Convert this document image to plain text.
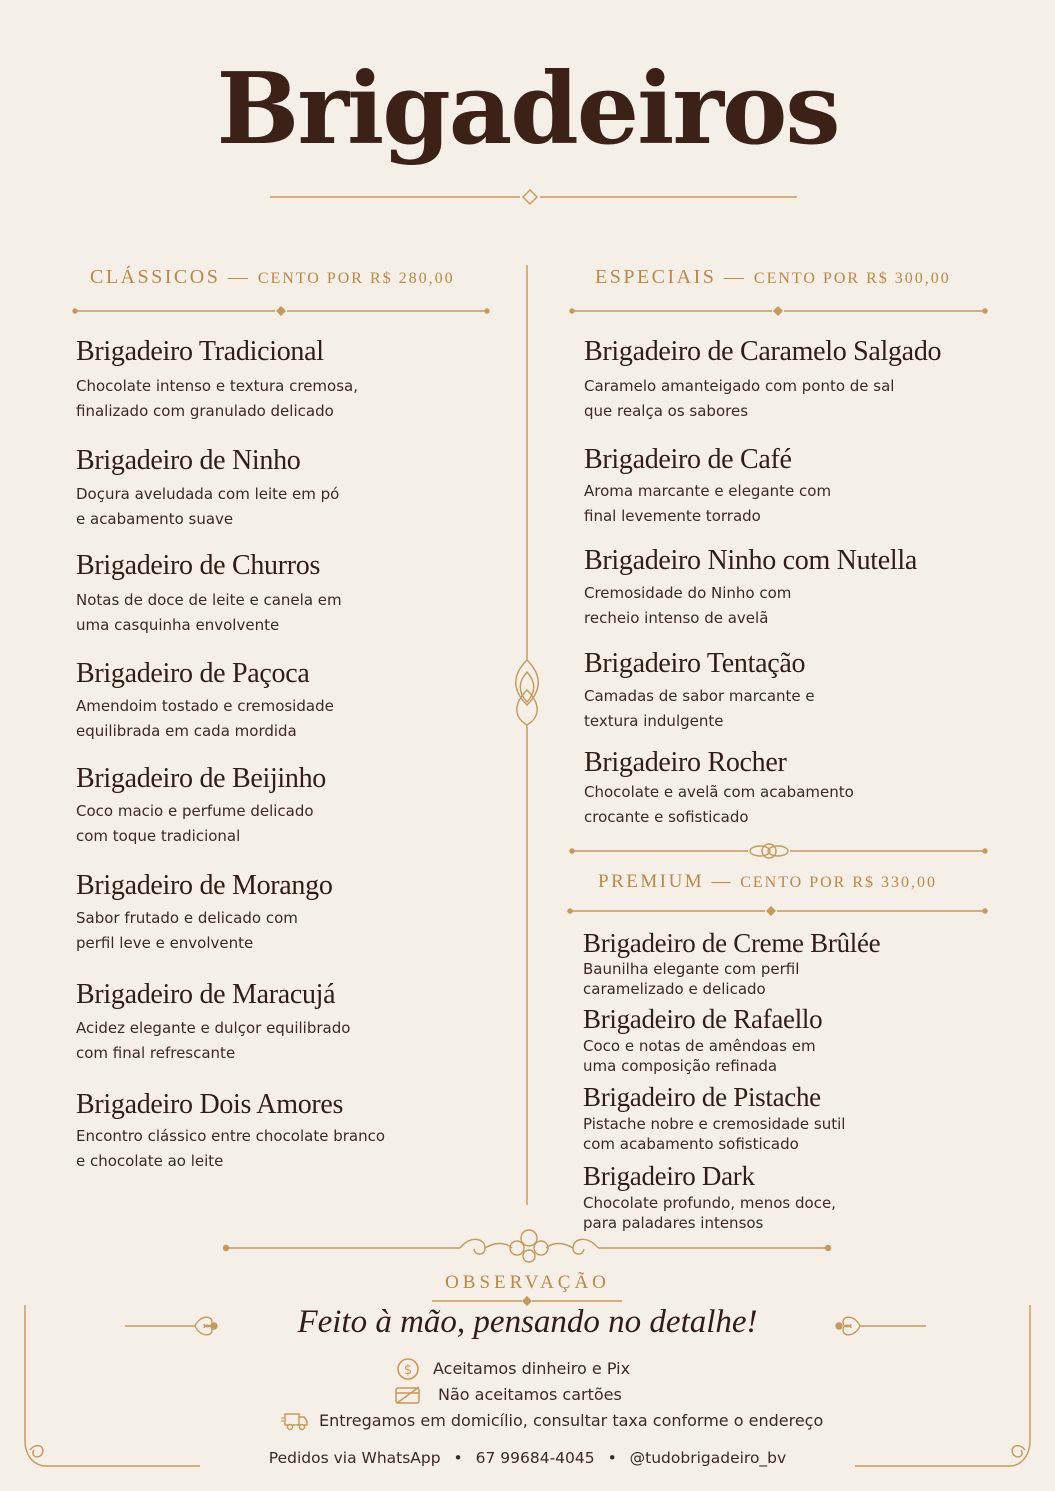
Brigadeiros
CLÁSSICOS — CENTO POR R$ 280,00	ESPECIAIS — CENTO POR R$ 300,00
Brigadeiro Tradicional
Chocolate intenso e textura cremosa,
finalizado com granulado delicado
Brigadeiro de Ninho
Doçura aveludada com leite em pó
e acabamento suave
Brigadeiro de Churros
Notas de doce de leite e canela em
uma casquinha envolvente
Brigadeiro de Paçoca
Amendoim tostado e cremosidade
equilibrada em cada mordida
Brigadeiro de Beijinho
Coco macio e perfume delicado
com toque tradicional
Brigadeiro de Morango
Sabor frutado e delicado com
perfil leve e envolvente
Brigadeiro de Maracujá
Acidez elegante e dulçor equilibrado
com final refrescante
Brigadeiro Dois Amores
Encontro clássico entre chocolate branco
e chocolate ao leite
Brigadeiro de Caramelo Salgado
Caramelo amanteigado com ponto de sal
que realça os sabores
Brigadeiro de Café
Aroma marcante e elegante com
final levemente torrado
Brigadeiro Ninho com Nutella
Cremosidade do Ninho com
recheio intenso de avelã
Brigadeiro Tentação
Camadas de sabor marcante e
textura indulgente
Brigadeiro Rocher
Chocolate e avelã com acabamento
crocante e sofisticado
PREMIUM — CENTO POR R$ 330,00
Brigadeiro de Creme Brûlée
Baunilha elegante com perfil
caramelizado e delicado
Brigadeiro de Rafaello
Coco e notas de amêndoas em
uma composição refinada
Brigadeiro de Pistache
Pistache nobre e cremosidade sutil
com acabamento sofisticado
Brigadeiro Dark
Chocolate profundo, menos doce,
para paladares intensos
OBSERVAÇÃO
Feito à mão, pensando no detalhe!
$ Aceitamos dinheiro e Pix
Não aceitamos cartões
Entregamos em domicílio, consultar taxa conforme o endereço
Pedidos via WhatsApp • 67 99684-4045 • @tudobrigadeiro_bv
